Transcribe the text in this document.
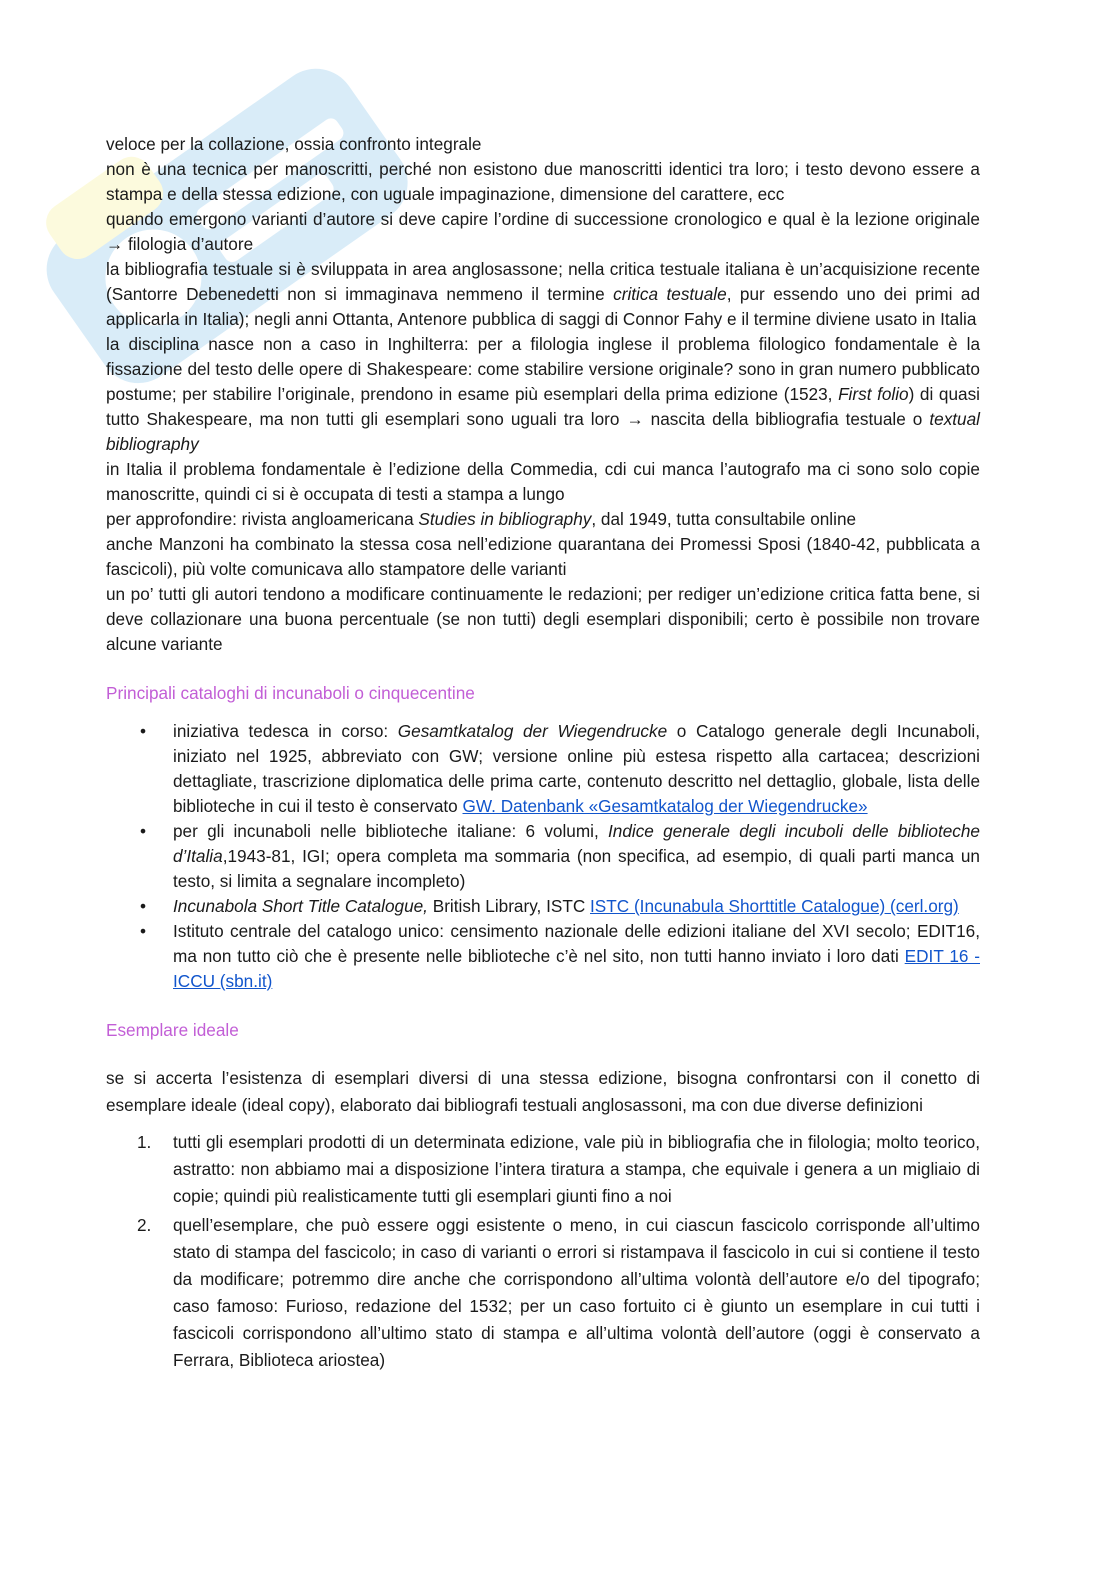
veloce per la collazione, ossia confronto integrale

non è una tecnica per manoscritti, perché non esistono due manoscritti identici tra loro; i testo devono essere a stampa e della stessa edizione, con uguale impaginazione, dimensione del carattere, ecc

quando emergono varianti d’autore si deve capire l’ordine di successione cronologico e qual è la lezione originale → filologia d’autore

la bibliografia testuale si è sviluppata in area anglosassone; nella critica testuale italiana è un’acquisizione recente (Santorre Debenedetti non si immaginava nemmeno il termine critica testuale, pur essendo uno dei primi ad applicarla in Italia); negli anni Ottanta, Antenore pubblica di saggi di Connor Fahy e il termine diviene usato in Italia

la disciplina nasce non a caso in Inghilterra: per a filologia inglese il problema filologico fondamentale è la fissazione del testo delle opere di Shakespeare: come stabilire versione originale? sono in gran numero pubblicato postume; per stabilire l’originale, prendono in esame più esemplari della prima edizione (1523, First folio) di quasi tutto Shakespeare, ma non tutti gli esemplari sono uguali tra loro → nascita della bibliografia testuale o textual bibliography

in Italia il problema fondamentale è l’edizione della Commedia, cdi cui manca l’autografo ma ci sono solo copie manoscritte, quindi ci si è occupata di testi a stampa a lungo

per approfondire: rivista angloamericana Studies in bibliography, dal 1949, tutta consultabile online

anche Manzoni ha combinato la stessa cosa nell’edizione quarantana dei Promessi Sposi (1840-42, pubblicata a fascicoli), più volte comunicava allo stampatore delle varianti

un po’ tutti gli autori tendono a modificare continuamente le redazioni; per rediger un’edizione critica fatta bene, si deve collazionare una buona percentuale (se non tutti) degli esemplari disponibili; certo è possibile non trovare alcune variante

Principali cataloghi di incunaboli o cinquecentine
• iniziativa tedesca in corso: Gesamtkatalog der Wiegendrucke o Catalogo generale degli Incunaboli, iniziato nel 1925, abbreviato con GW; versione online più estesa rispetto alla cartacea; descrizioni dettagliate, trascrizione diplomatica delle prima carte, contenuto descritto nel dettaglio, globale, lista delle biblioteche in cui il testo è conservato GW. Datenbank «Gesamtkatalog der Wiegendrucke»
• per gli incunaboli nelle biblioteche italiane: 6 volumi, Indice generale degli incuboli delle biblioteche d’Italia,1943-81, IGI; opera completa ma sommaria (non specifica, ad esempio, di quali parti manca un testo, si limita a segnalare incompleto)
• Incunabola Short Title Catalogue, British Library, ISTC ISTC (Incunabula Shorttitle Catalogue) (cerl.org)
• Istituto centrale del catalogo unico: censimento nazionale delle edizioni italiane del XVI secolo; EDIT16, ma non tutto ciò che è presente nelle biblioteche c’è nel sito, non tutti hanno inviato i loro dati EDIT 16 - ICCU (sbn.it)
Esemplare ideale

se si accerta l’esistenza di esemplari diversi di una stessa edizione, bisogna confrontarsi con il conetto di esemplare ideale (ideal copy), elaborato dai bibliografi testuali anglosassoni, ma con due diverse definizioni

1. tutti gli esemplari prodotti di un determinata edizione, vale più in bibliografia che in filologia; molto teorico, astratto: non abbiamo mai a disposizione l’intera tiratura a stampa, che equivale i genera a un migliaio di copie; quindi più realisticamente tutti gli esemplari giunti fino a noi
2. quell’esemplare, che può essere oggi esistente o meno, in cui ciascun fascicolo corrisponde all’ultimo stato di stampa del fascicolo; in caso di varianti o errori si ristampava il fascicolo in cui si contiene il testo da modificare; potremmo dire anche che corrispondono all’ultima volontà dell’autore e/o del tipografo; caso famoso: Furioso, redazione del 1532; per un caso fortuito ci è giunto un esemplare in cui tutti i fascicoli corrispondono all’ultimo stato di stampa e all’ultima volontà dell’autore (oggi è conservato a Ferrara, Biblioteca ariostea)
